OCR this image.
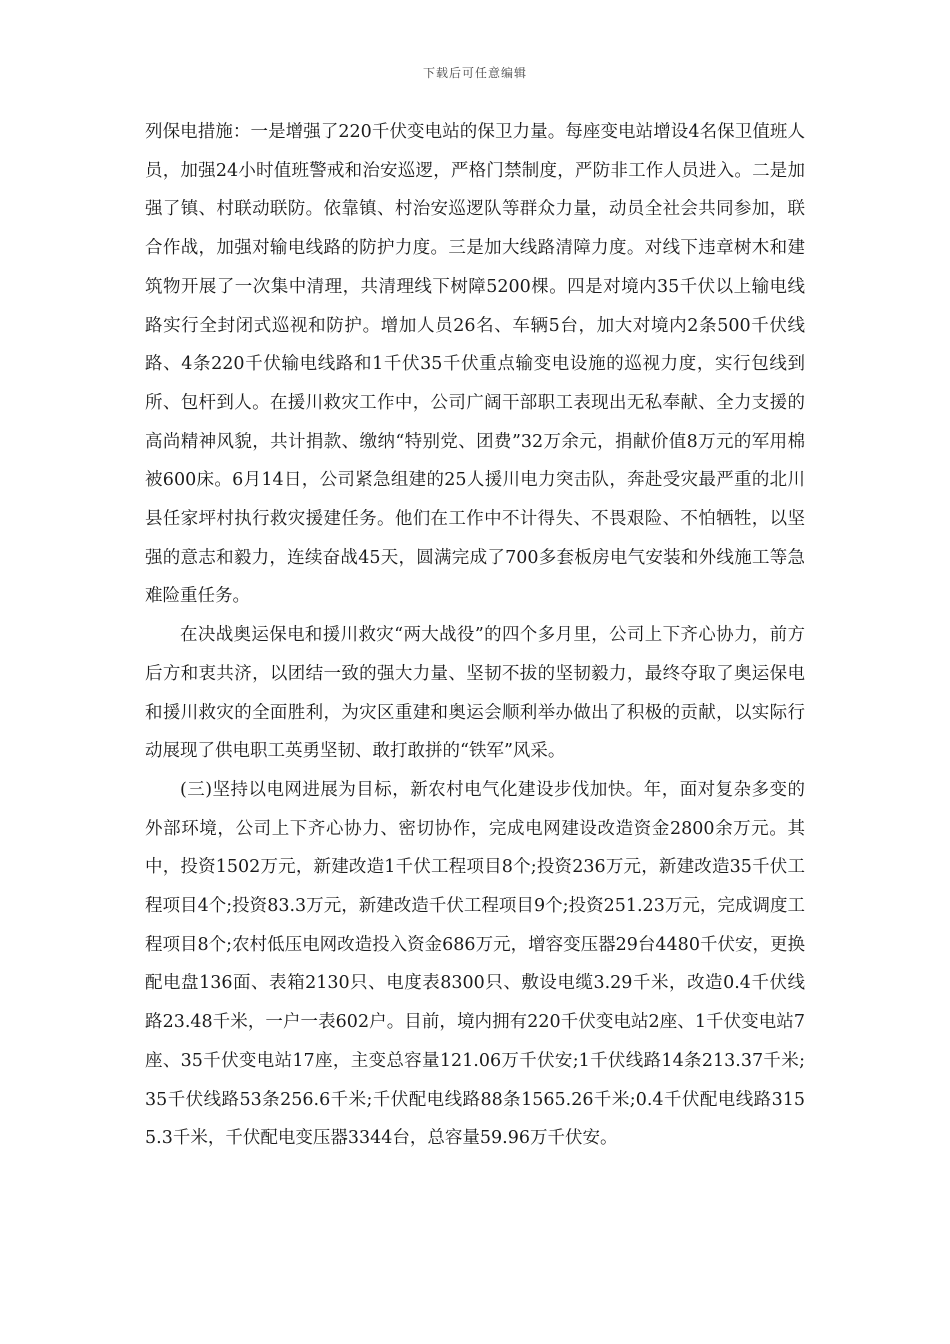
下载后可任意编辑

列保电措施：一是增强了220千伏变电站的保卫力量。每座变电站增设4名保卫值班人员，加强24小时值班警戒和治安巡逻，严格门禁制度，严防非工作人员进入。二是加强了镇、村联动联防。依靠镇、村治安巡逻队等群众力量，动员全社会共同参加，联合作战，加强对输电线路的防护力度。三是加大线路清障力度。对线下违章树木和建筑物开展了一次集中清理，共清理线下树障5200棵。四是对境内35千伏以上输电线路实行全封闭式巡视和防护。增加人员26名、车辆5台，加大对境内2条500千伏线路、4条220千伏输电线路和1千伏35千伏重点输变电设施的巡视力度，实行包线到所、包杆到人。在援川救灾工作中，公司广阔干部职工表现出无私奉献、全力支援的高尚精神风貌，共计捐款、缴纳“特别党、团费”32万余元，捐献价值8万元的军用棉被600床。6月14日，公司紧急组建的25人援川电力突击队，奔赴受灾最严重的北川县任家坪村执行救灾援建任务。他们在工作中不计得失、不畏艰险、不怕牺牲，以坚强的意志和毅力，连续奋战45天，圆满完成了700多套板房电气安装和外线施工等急难险重任务。

在决战奥运保电和援川救灾“两大战役”的四个多月里，公司上下齐心协力，前方后方和衷共济，以团结一致的强大力量、坚韧不拔的坚韧毅力，最终夺取了奥运保电和援川救灾的全面胜利，为灾区重建和奥运会顺利举办做出了积极的贡献，以实际行动展现了供电职工英勇坚韧、敢打敢拼的“铁军”风采。

(三)坚持以电网进展为目标，新农村电气化建设步伐加快。年，面对复杂多变的外部环境，公司上下齐心协力、密切协作，完成电网建设改造资金2800余万元。其中，投资1502万元，新建改造1千伏工程项目8个;投资236万元，新建改造35千伏工程项目4个;投资83.3万元，新建改造千伏工程项目9个;投资251.23万元，完成调度工程项目8个;农村低压电网改造投入资金686万元，增容变压器29台4480千伏安，更换配电盘136面、表箱2130只、电度表8300只、敷设电缆3.29千米，改造0.4千伏线路23.48千米，一户一表602户。目前，境内拥有220千伏变电站2座、1千伏变电站7座、35千伏变电站17座，主变总容量121.06万千伏安;1千伏线路14条213.37千米;35千伏线路53条256.6千米;千伏配电线路88条1565.26千米;0.4千伏配电线路3155.3千米，千伏配电变压器3344台，总容量59.96万千伏安。
